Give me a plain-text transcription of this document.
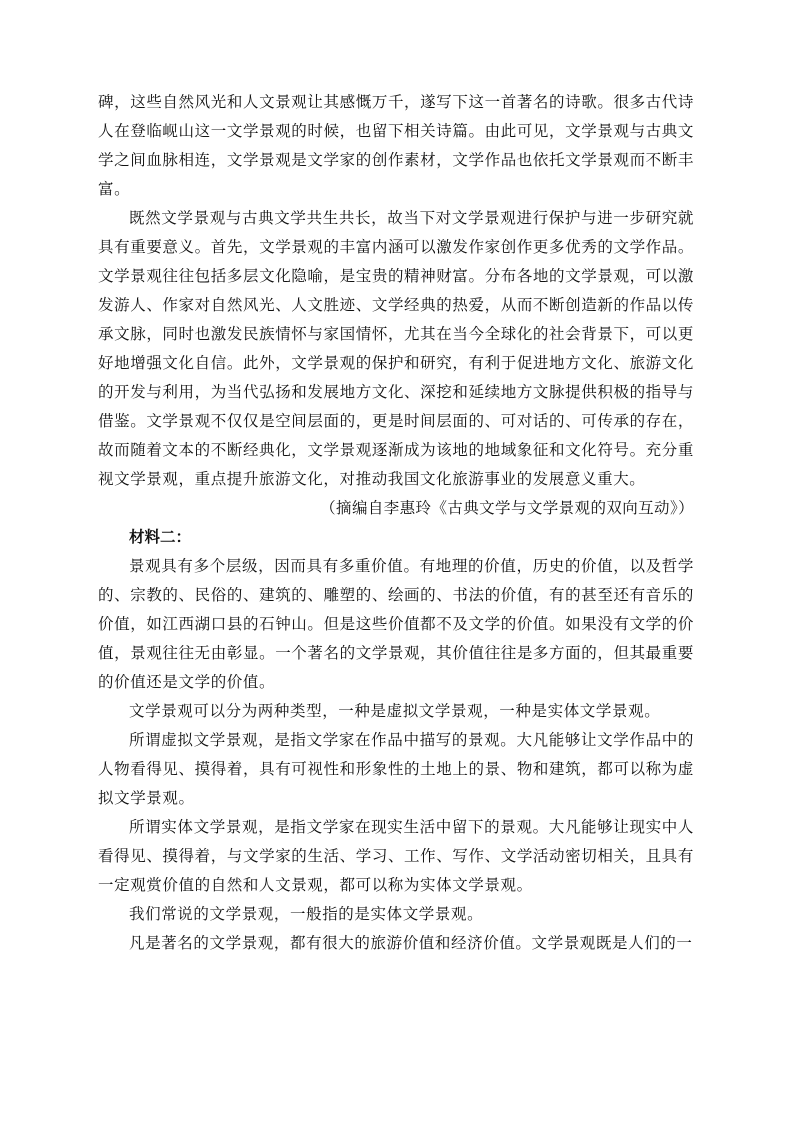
碑，这些自然风光和人文景观让其感慨万千，遂写下这一首著名的诗歌。很多古代诗人在登临岘山这一文学景观的时候，也留下相关诗篇。由此可见，文学景观与古典文学之间血脉相连，文学景观是文学家的创作素材，文学作品也依托文学景观而不断丰富。

既然文学景观与古典文学共生共长，故当下对文学景观进行保护与进一步研究就具有重要意义。首先，文学景观的丰富内涵可以激发作家创作更多优秀的文学作品。文学景观往往包括多层文化隐喻，是宝贵的精神财富。分布各地的文学景观，可以激发游人、作家对自然风光、人文胜迹、文学经典的热爱，从而不断创造新的作品以传承文脉，同时也激发民族情怀与家国情怀，尤其在当今全球化的社会背景下，可以更好地增强文化自信。此外，文学景观的保护和研究，有利于促进地方文化、旅游文化的开发与利用，为当代弘扬和发展地方文化、深挖和延续地方文脉提供积极的指导与借鉴。文学景观不仅仅是空间层面的，更是时间层面的、可对话的、可传承的存在，故而随着文本的不断经典化，文学景观逐渐成为该地的地域象征和文化符号。充分重视文学景观，重点提升旅游文化，对推动我国文化旅游事业的发展意义重大。

（摘编自李惠玲《古典文学与文学景观的双向互动》）

材料二：

景观具有多个层级，因而具有多重价值。有地理的价值，历史的价值，以及哲学的、宗教的、民俗的、建筑的、雕塑的、绘画的、书法的价值，有的甚至还有音乐的价值，如江西湖口县的石钟山。但是这些价值都不及文学的价值。如果没有文学的价值，景观往往无由彰显。一个著名的文学景观，其价值往往是多方面的，但其最重要的价值还是文学的价值。

文学景观可以分为两种类型，一种是虚拟文学景观，一种是实体文学景观。

所谓虚拟文学景观，是指文学家在作品中描写的景观。大凡能够让文学作品中的人物看得见、摸得着，具有可视性和形象性的土地上的景、物和建筑，都可以称为虚拟文学景观。

所谓实体文学景观，是指文学家在现实生活中留下的景观。大凡能够让现实中人看得见、摸得着，与文学家的生活、学习、工作、写作、文学活动密切相关，且具有一定观赏价值的自然和人文景观，都可以称为实体文学景观。

我们常说的文学景观，一般指的是实体文学景观。

凡是著名的文学景观，都有很大的旅游价值和经济价值。文学景观既是人们的一
